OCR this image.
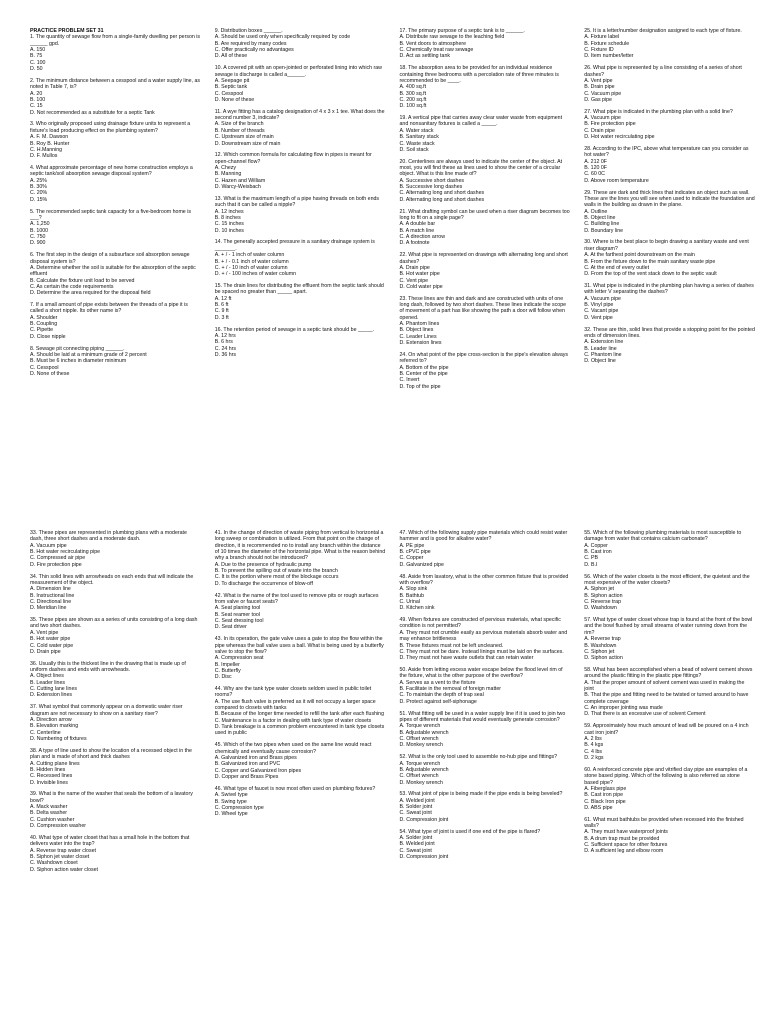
PRACTICE PROBLEM SET 31
1. The quantity of sewage flow from a single-family dwelling per person is ______ gpd.
A. 150
B. 75
C. 100
D. 50
2. The minimum distance between a cesspool and a water supply line, as noted in Table 7, is?
A. 20
B. 100
C. 15
D. Not recommended as a substitute for a septic Tank
3. Who originally proposed using drainage fixture units to represent a fixture's load producing effect on the plumbing system?
A. F. M. Dawson
B. Roy B. Hunter
C. H.Manning
D. F. Mullos
4. What approximate percentage of new home construction employs a septic tank/soil absorption sewage disposal system?
A. 25%
B. 30%
C. 20%
D. 15%
5. The recommended septic tank capacity for a five-bedroom home is ___?
A. 1,250
B. 1000
C. 750
D. 900
6. The first step in the design of a subsurface soil absorption sewage disposal system is?
A. Determine whether the soil is suitable for the absorption of the septic effluent
B. Calculate the fixture unit load to be served
C. As certain the code requirements
D. Determine the area required for the disposal field
7. If a small amount of pipe exists between the threads of a pipe it is called a short nipple. Its other name is?
A. Shoulder
B. Coupling
C. Pipette
D. Close nipple
8. Sewage pit connecting piping ______.
A. Should be laid at a minimum grade of 2 percent
B. Must be 6 inches in diameter minimum
C. Cesspool
D. None of these
9. Distribution boxes ______.
A. Should be used only when specifically required by code
B. Are required by many codes
C. Offer practically no advantages
D. All of these
10. A covered pit with an open-jointed or perforated lining into which raw sewage is discharge is called a______.
A. Seepage pit
B. Septic tank
C. Cesspool
D. None of these
11. A wye fitting has a catalog designation of 4 x 3 x 1 tee. What does the second number 3, indicate?
A. Size of the branch
B. Number of threads
C. Upstream size of main
D. Downstream size of main
12. Which common formula for calculating flow in pipes is meant for open-channel flow?
A. Chezy
B. Manning
C. Hazen and William
D. Warcy-Weisbach
13. What is the maximum length of a pipe having threads on both ends such that it can be called a nipple?
A. 12 inches
B. 8 inches
C. 15 inches
D. 10 inches
14. The generally accepted pressure in a sanitary drainage system is _______.
A. + / - 1 inch of water column
B. + / - 0.1 inch of water column
C. + / - 10 inch of water column
D. + / - 100 inches of water column
15. The drain lines for distributing the effluent from the septic tank should be spaced no greater than _____ apart.
A. 12 ft
B. 6 ft
C. 9 ft
D. 3 ft
16. The retention period of sewage in a septic tank should be _____.
A. 12 hrs
B. 6 hrs
C. 24 hrs
D. 36 hrs
17. The primary purpose of a septic tank is to ______.
A. Distribute raw sewage to the leaching field
B. Vent doors to atmosphere
C. Chemically treat raw sewage
D. Act as settling tank
18. The absorption area to be provided for an individual residence containing three bedrooms with a percolation rate of three minutes is recommended to be ____.
A. 400 sq.ft
B. 300 sq.ft
C. 200 sq.ft
D. 100 sq.ft
19. A vertical pipe that carries away clear water waste from equipment and nonsanitary fixtures is called a _____.
A. Water stack
B. Sanitary stack
C. Waste stack
D. Soil stack
20. Centerlines are always used to indicate the center of the object. At most, you will find these as lines used to show the center of a circular object. What is this line made of?
A. Successive short dashes
B. Successive long dashes
C. Alternating long and short dashes
D. Alternating long and short dashes
21. What drafting symbol can be used when a riser diagram becomes too long to fit on a single page?
A. A double bar
B. A match line
C. A direction arrow
D. A footnote
22. What pipe is represented on drawings with alternating long and short dashes?
A. Drain pipe
B. Hot water pipe
C. Vent pipe
D. Cold water pipe
23. These lines are thin and dark and are constructed with units of one long dash, followed by two short dashes. These lines indicate the scope of movement of a part has like showing the path a door will follow when opened.
A. Phantom lines
B. Object lines
C. Leader Lines
D. Extension lines
24. On what point of the pipe cross-section is the pipe's elevation always referred to?
A. Bottom of the pipe
B. Center of the pipe
C. Invert
D. Top of the pipe
25. It is a letter/number designation assigned to each type of fixture.
A. Fixture label
B. Fixture schedule
C. Fixture ID
D. Item number/letter
26. What pipe is represented by a line consisting of a series of short dashes?
A. Vent pipe
B. Drain pipe
C. Vacuum pipe
D. Gas pipe
27. What pipe is indicated in the plumbing plan with a solid line?
A. Vacuum pipe
B. Fire protection pipe
C. Drain pipe
D. Hot water recirculating pipe
28. According to the IPC, above what temperature can you consider as hot water?
A. 212 0F
B. 120 0F
C. 60 0C
D. Above room temperature
29. These are dark and thick lines that indicates an object such as wall. These are the lines you will see when used to indicate the foundation and walls in the building as drawn in the plane.
A. Outline
B. Object line
C. Building line
D. Boundary line
30. Where is the best place to begin drawing a sanitary waste and vent riser diagram?
A. At the farthest point downstream on the main
B. From the fixture down to the main sanitary waste pipe
C. At the end of every outlet
D. From the top of the vent stack down to the septic vault
31. What pipe is indicated in the plumbing plan having a series of dashes with letter V separating the dashes?
A. Vacuum pipe
B. Vinyl pipe
C. Vacant pipe
D. Vent pipe
32. These are thin, solid lines that provide a stopping point for the pointed ends of dimension lines.
A. Extension line
B. Leader line
C. Phantom line
D. Object line
33. These pipes are represented in plumbing plans with a moderate dash, three short dashes and a moderate dash.
A. Vacuum pipe
B. Hot water recirculating pipe
C. Compressed air pipe
D. Fire protection pipe
34. Thin solid lines with arrowheads on each ends that will indicate the measurement of the object.
A. Dimension line
B. Instructional line
C. Directional line
D. Meridian line
35. These pipes are shown as a series of units consisting of a long dash and two short dashes.
A. Vent pipe
B. Hot water pipe
C. Cold water pipe
D. Drain pipe
36. Usually this is the thickest line in the drawing that is made up of uniform dashes and ends with arrowheads.
A. Object lines
B. Leader lines
C. Cutting lane lines
D. Extension lines
37. What symbol that commonly appear on a domestic water riser diagram are not necessary to show on a sanitary riser?
A. Direction arrow
B. Elevation marking
C. Centerline
D. Numbering of fixtures
38. A type of line used to show the location of a recessed object in the plan and is made of short and thick dashes
A. Cutting plane lines
B. Hidden lines
C. Recessed lines
D. Invisible lines
39. What is the name of the washer that seals the bottom of a lavatory bowl?
A. Mack washer
B. Delta washer
C. Cushion washer
D. Compression washer
40. What type of water closet that has a small hole in the bottom that delivers water into the trap?
A. Reverse trap water closet
B. Siphon jet water closet
C. Washdown closet
D. Siphon action water closet
41. In the change of direction of waste piping from vertical to horizontal a long sweep or combination is utilized. From that point on the change of direction, it is recommended no to install any branch within the distance of 10 times the diameter of the horizontal pipe. What is the reason behind why a branch should not be introduced?
A. Due to the presence of hydraulic pump
B. To prevent the spilling out of waste into the branch
C. It is the portion where most of the blockage occurs
D. To discharge the occurrence of blow-off
42. What is the name of the tool used to remove pits or rough surfaces from valve or faucet seats?
A. Seat planing tool
B. Seat reamer tool
C. Seat dressing tool
D. Seat driver
43. In its operation, the gate valve uses a gate to stop the flow within the pipe whereas the ball valve uses a ball. What is being used by a butterfly valve to stop the flow?
A. Compression seat
B. Impeller
C. Butterfly
D. Disc
44. Why are the tank type water closets seldom used in public toilet rooms?
A. The use flush valve is preferred as it will not occupy a larger space compared to closets with tanks
B. Because of the longer time needed to refill the tank after each flushing
C. Maintenance is a factor in dealing with tank type of water closets
D. Tank breakage is a common problem encountered in tank type closets used in public
45. Which of the two pipes when used on the same line would react chemically and eventually cause corrosion?
A. Galvanized iron and Brass pipes
B. Galvanized iron and PVC
C. Copper and Galvanized Iron pipes
D. Copper and Brass Pipes
46. What type of faucet is now most often used on plumbing fixtures?
A. Swivel type
B. Swing type
C. Compression type
D. Wheel type
47. Which of the following supply pipe materials which could resist water hammer and is good for alkaline water?
A. PE pipe
B. cPVC pipe
C. Copper
D. Galvanized pipe
48. Aside from lavatory, what is the other common fixture that is provided with overflow?
A. Slop sink
B. Bathtub
C. Urinal
D. Kitchen sink
49. When fixtures are constructed of pervious materials, what specific condition is not permitted?
A. They must not crumble easily as pervious materials absorb water and may enhance brittleness
B. These fixtures must not be left uncleaned.
C. They must not be dare. Instead linings must be laid on the surfaces.
D. They must not have waste outlets that can retain water
50. Aside from letting excess water escape below the flood level rim of the fixture, what is the other purpose of the overflow?
A. Serves as a vent to the fixture
B. Facilitate in the removal of foreign matter
C. To maintain the depth of trap seal
D. Protect against self-siphonage
51. What fitting will be used in a water supply line if it is used to join two pipes of different materials that would eventually generate corrosion?
A. Torque wrench
B. Adjustable wrench
C. Offset wrench
D. Monkey wrench
52. What is the only tool used to assemble no-hub pipe and fittings?
A. Torque wrench
B. Adjustable wrench
C. Offset wrench
D. Monkey wrench
53. What joint of pipe is being made if the pipe ends is being beveled?
A. Welded joint
B. Solder joint
C. Sweat joint
D. Compression joint
54. What type of joint is used if one end of the pipe is flared?
A. Solder joint
B. Welded joint
C. Sweat joint
D. Compression joint
55. Which of the following plumbing materials is most susceptible to damage from water that contains calcium carbonate?
A. Copper
B. Cast iron
C. PB
D. B.I
56. Which of the water closets is the most efficient, the quietest and the most expensive of the water closets?
A. Siphon jet
B. Siphon action
C. Reverse trap
D. Washdown
57. What type of water closet whose trap is found at the front of the bowl and the bowl flushed by small streams of water running down from the rim?
A. Reverse trap
B. Washdown
C. Siphon jet
D. Siphon action
58. What has been accomplished when a bead of solvent cement shows around the plastic fitting in the plastic pipe fittings?
A. That the proper amount of solvent cement was used in making the joint
B. That the pipe and fitting need to be twisted or turned around to have complete coverage
C. An improper jointing was made
D. That there is an excessive use of solvent Cement
59. Approximately how much amount of lead will be poured on a 4 inch cast iron joint?
A. 2 lbs
B. 4 kgs
C. 4 lbs
D. 2 kgs
60. A reinforced concrete pipe and vitrified clay pipe are examples of a stone based piping. Which of the following is also referred as stone based pipe?
A. Fiberglass pipe
B. Cast iron pipe
C. Black Iron pipe
D. ABS pipe
61. What must bathtubs be provided when recessed into the finished walls?
A. They must have waterproof joints
B. A drum trap must be provided
C. Sufficient space for other fixtures
D. A sufficient leg and elbow room
